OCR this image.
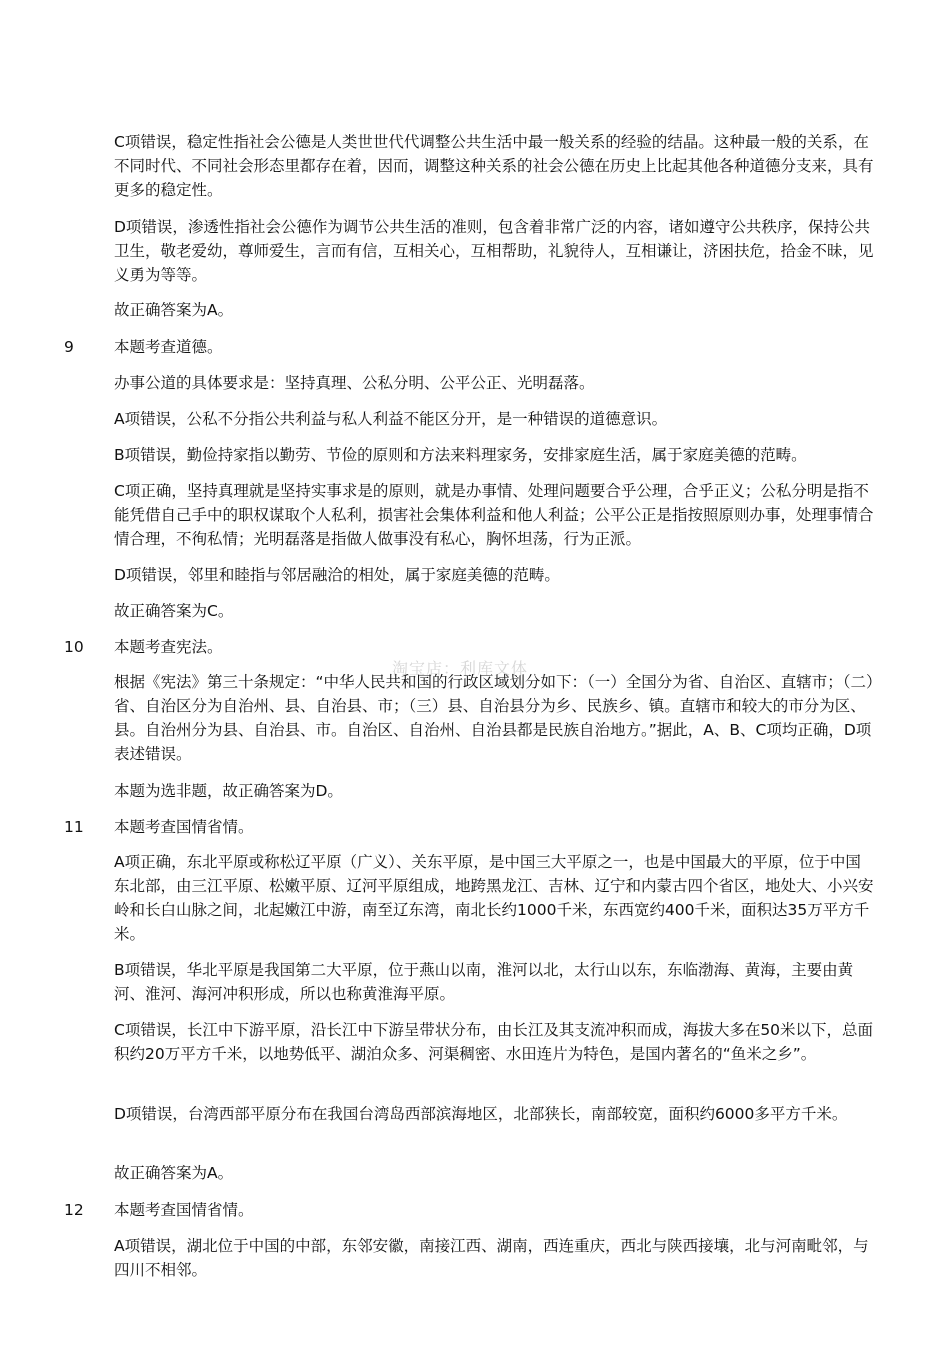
C项错误，稳定性指社会公德是人类世世代代调整公共生活中最一般关系的经验的结晶。这种最一般的关系，在不同时代、不同社会形态里都存在着，因而，调整这种关系的社会公德在历史上比起其他各种道德分支来，具有更多的稳定性。

D项错误，渗透性指社会公德作为调节公共生活的准则，包含着非常广泛的内容，诸如遵守公共秩序，保持公共卫生，敬老爱幼，尊师爱生，言而有信，互相关心，互相帮助，礼貌待人，互相谦让，济困扶危，拾金不昧，见义勇为等等。

故正确答案为A。

9	本题考查道德。

办事公道的具体要求是：坚持真理、公私分明、公平公正、光明磊落。

A项错误，公私不分指公共利益与私人利益不能区分开，是一种错误的道德意识。

B项错误，勤俭持家指以勤劳、节俭的原则和方法来料理家务，安排家庭生活，属于家庭美德的范畴。

C项正确，坚持真理就是坚持实事求是的原则，就是办事情、处理问题要合乎公理，合乎正义；公私分明是指不能凭借自己手中的职权谋取个人私利，损害社会集体利益和他人利益；公平公正是指按照原则办事，处理事情合情合理，不徇私情；光明磊落是指做人做事没有私心，胸怀坦荡，行为正派。

D项错误，邻里和睦指与邻居融洽的相处，属于家庭美德的范畴。

故正确答案为C。

10 本题考查宪法。

淘宝店：利库文体

根据《宪法》第三十条规定：“中华人民共和国的行政区域划分如下：（一）全国分为省、自治区、直辖市；（二）省、自治区分为自治州、县、自治县、市；（三）县、自治县分为乡、民族乡、镇。直辖市和较大的市分为区、县。自治州分为县、自治县、市。自治区、自治州、自治县都是民族自治地方。”据此，A、B、C项均正确，D项表述错误。

本题为选非题，故正确答案为D。

11 本题考查国情省情。

A项正确，东北平原或称松辽平原（广义）、关东平原，是中国三大平原之一，也是中国最大的平原，位于中国东北部，由三江平原、松嫩平原、辽河平原组成，地跨黑龙江、吉林、辽宁和内蒙古四个省区，地处大、小兴安岭和长白山脉之间，北起嫩江中游，南至辽东湾，南北长约1000千米，东西宽约400千米，面积达35万平方千米。

B项错误，华北平原是我国第二大平原，位于燕山以南，淮河以北，太行山以东，东临渤海、黄海，主要由黄河、淮河、海河冲积形成，所以也称黄淮海平原。

C项错误，长江中下游平原，沿长江中下游呈带状分布，由长江及其支流冲积而成，海拔大多在50米以下，总面积约20万平方千米，以地势低平、湖泊众多、河渠稠密、水田连片为特色，是国内著名的“鱼米之乡”。

D项错误，台湾西部平原分布在我国台湾岛西部滨海地区，北部狭长，南部较宽，面积约6000多平方千米。

故正确答案为A。

12 本题考查国情省情。

A项错误，湖北位于中国的中部，东邻安徽，南接江西、湖南，西连重庆，西北与陕西接壤，北与河南毗邻，与四川不相邻。
